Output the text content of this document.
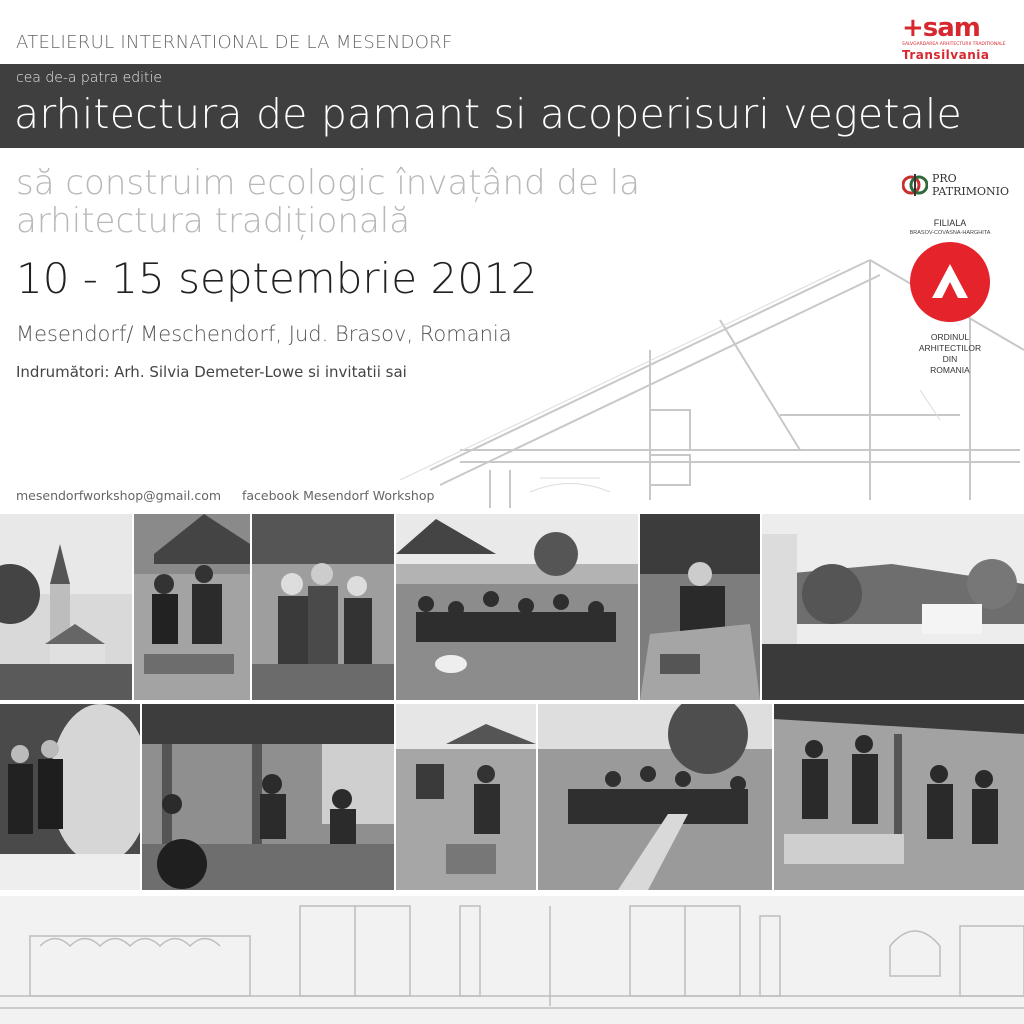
ATELIERUL INTERNATIONAL DE LA MESENDORF	+sam
SALVGARDAREA ARHITECTURII TRADITIONALE
Transilvania
cea de-a patra editie
arhitectura de pamant si acoperisuri vegetale
să construim ecologic învațând de la arhitectura tradițională
10 - 15 septembrie 2012
Mesendorf/ Meschendorf, Jud. Brasov, Romania
Indrumători: Arh. Silvia Demeter-Lowe si invitatii sai
mesendorfworkshop@gmail.com facebook Mesendorf Workshop
PRO
PATRIMONIO
FILIALA
BRASOV-COVASNA-HARGHITA
ORDINUL
ARHITECTILOR
DIN
ROMANIA
